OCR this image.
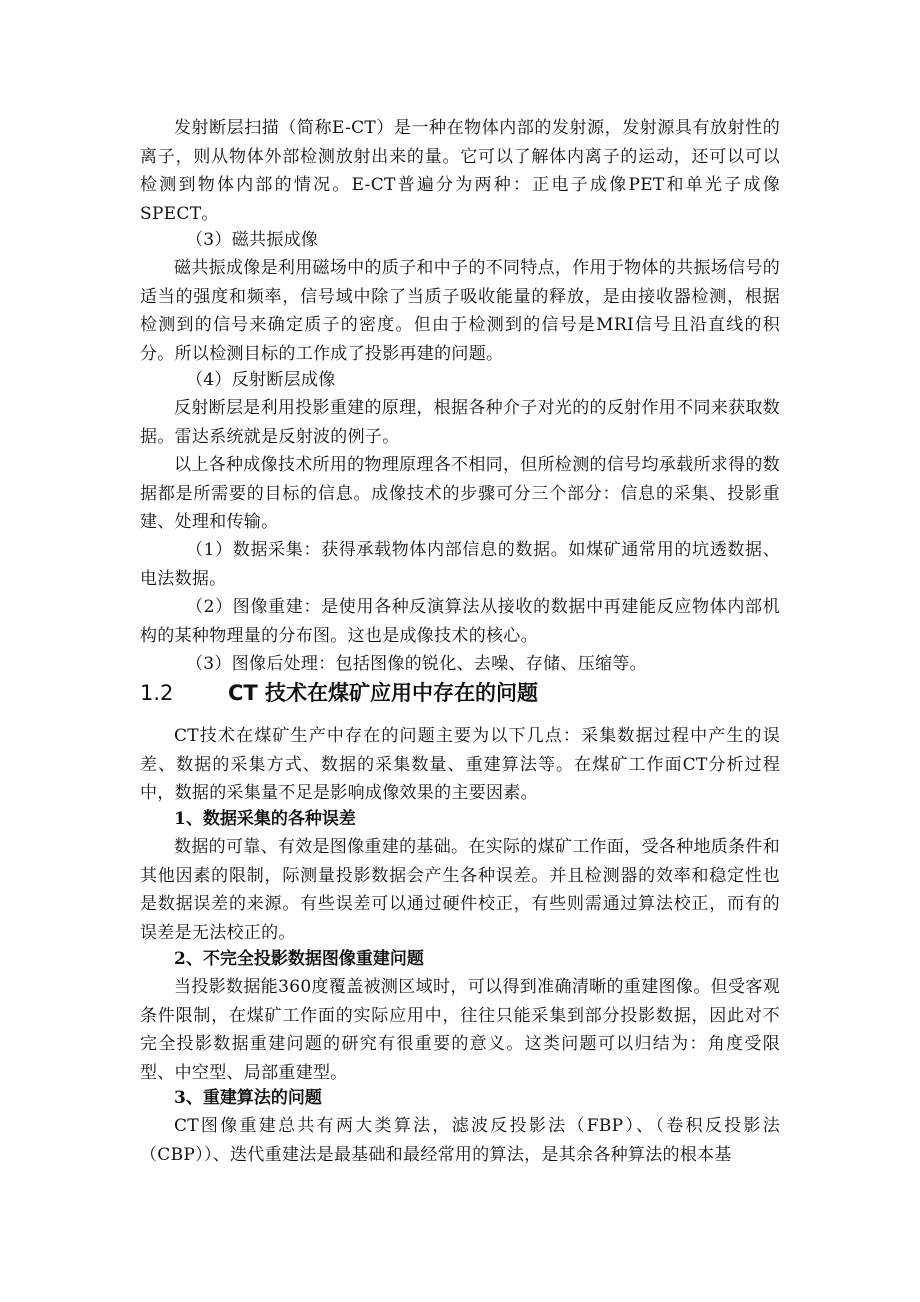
发射断层扫描（简称E-CT）是一种在物体内部的发射源，发射源具有放射性的离子，则从物体外部检测放射出来的量。它可以了解体内离子的运动，还可以可以检测到物体内部的情况。E-CT普遍分为两种：正电子成像PET和单光子成像SPECT。

（3）磁共振成像

磁共振成像是利用磁场中的质子和中子的不同特点，作用于物体的共振场信号的适当的强度和频率，信号域中除了当质子吸收能量的释放，是由接收器检测，根据检测到的信号来确定质子的密度。但由于检测到的信号是MRI信号且沿直线的积分。所以检测目标的工作成了投影再建的问题。

（4）反射断层成像

反射断层是利用投影重建的原理，根据各种介子对光的的反射作用不同来获取数据。雷达系统就是反射波的例子。

以上各种成像技术所用的物理原理各不相同，但所检测的信号均承载所求得的数据都是所需要的目标的信息。成像技术的步骤可分三个部分：信息的采集、投影重建、处理和传输。

（1）数据采集：获得承载物体内部信息的数据。如煤矿通常用的坑透数据、电法数据。

（2）图像重建：是使用各种反演算法从接收的数据中再建能反应物体内部机构的某种物理量的分布图。这也是成像技术的核心。

（3）图像后处理：包括图像的锐化、去噪、存储、压缩等。

1.2	CT 技术在煤矿应用中存在的问题

CT技术在煤矿生产中存在的问题主要为以下几点：采集数据过程中产生的误差、数据的采集方式、数据的采集数量、重建算法等。在煤矿工作面CT分析过程中，数据的采集量不足是影响成像效果的主要因素。

1、数据采集的各种误差

数据的可靠、有效是图像重建的基础。在实际的煤矿工作面，受各种地质条件和其他因素的限制，际测量投影数据会产生各种误差。并且检测器的效率和稳定性也是数据误差的来源。有些误差可以通过硬件校正，有些则需通过算法校正，而有的误差是无法校正的。

2、不完全投影数据图像重建问题

当投影数据能360度覆盖被测区域时，可以得到准确清晰的重建图像。但受客观条件限制，在煤矿工作面的实际应用中，往往只能采集到部分投影数据，因此对不完全投影数据重建问题的研究有很重要的意义。这类问题可以归结为：角度受限型、中空型、局部重建型。

3、重建算法的问题

CT图像重建总共有两大类算法，滤波反投影法（FBP）、（卷积反投影法（CBP））、迭代重建法是最基础和最经常用的算法，是其余各种算法的根本基
